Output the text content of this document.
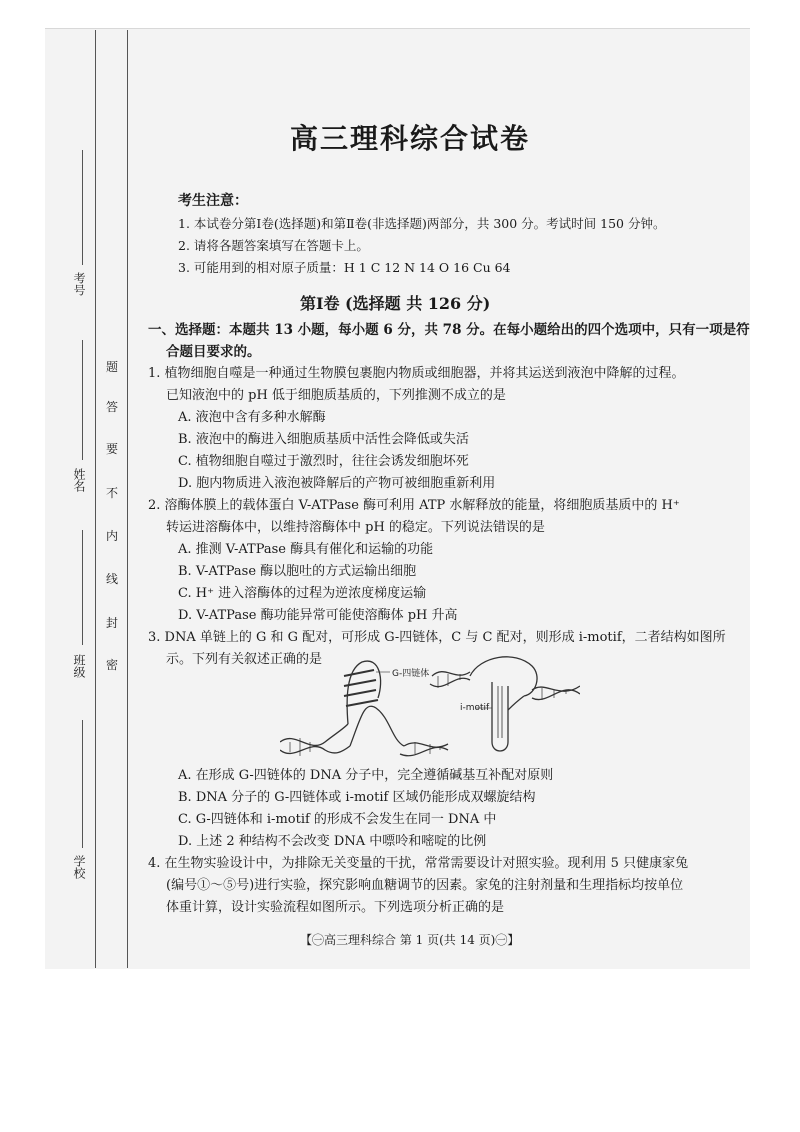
考号
姓名
班级
学校
题
答
要
不
内
线
封
密
高三理科综合试卷
考生注意：
1. 本试卷分第Ⅰ卷(选择题)和第Ⅱ卷(非选择题)两部分，共 300 分。考试时间 150 分钟。
2. 请将各题答案填写在答题卡上。
3. 可能用到的相对原子质量：H 1 C 12 N 14 O 16 Cu 64
第Ⅰ卷 (选择题 共 126 分)
一、选择题：本题共 13 小题，每小题 6 分，共 78 分。在每小题给出的四个选项中，只有一项是符
合题目要求的。
1. 植物细胞自噬是一种通过生物膜包裹胞内物质或细胞器，并将其运送到液泡中降解的过程。
已知液泡中的 pH 低于细胞质基质的，下列推测不成立的是
A. 液泡中含有多种水解酶
B. 液泡中的酶进入细胞质基质中活性会降低或失活
C. 植物细胞自噬过于激烈时，往往会诱发细胞坏死
D. 胞内物质进入液泡被降解后的产物可被细胞重新利用
2. 溶酶体膜上的载体蛋白 V-ATPase 酶可利用 ATP 水解释放的能量，将细胞质基质中的 H⁺
转运进溶酶体中，以维持溶酶体中 pH 的稳定。下列说法错误的是
A. 推测 V-ATPase 酶具有催化和运输的功能
B. V-ATPase 酶以胞吐的方式运输出细胞
C. H⁺ 进入溶酶体的过程为逆浓度梯度运输
D. V-ATPase 酶功能异常可能使溶酶体 pH 升高
3. DNA 单链上的 G 和 G 配对，可形成 G-四链体，C 与 C 配对，则形成 i-motif，二者结构如图所
示。下列有关叙述正确的是
G-四链体
i-motif
A. 在形成 G-四链体的 DNA 分子中，完全遵循碱基互补配对原则
B. DNA 分子的 G-四链体或 i-motif 区域仍能形成双螺旋结构
C. G-四链体和 i-motif 的形成不会发生在同一 DNA 中
D. 上述 2 种结构不会改变 DNA 中嘌呤和嘧啶的比例
4. 在生物实验设计中，为排除无关变量的干扰，常常需要设计对照实验。现利用 5 只健康家兔
(编号①～⑤号)进行实验，探究影响血糖调节的因素。家兔的注射剂量和生理指标均按单位
体重计算，设计实验流程如图所示。下列选项分析正确的是
【㊀高三理科综合 第 1 页(共 14 页)㊀】
